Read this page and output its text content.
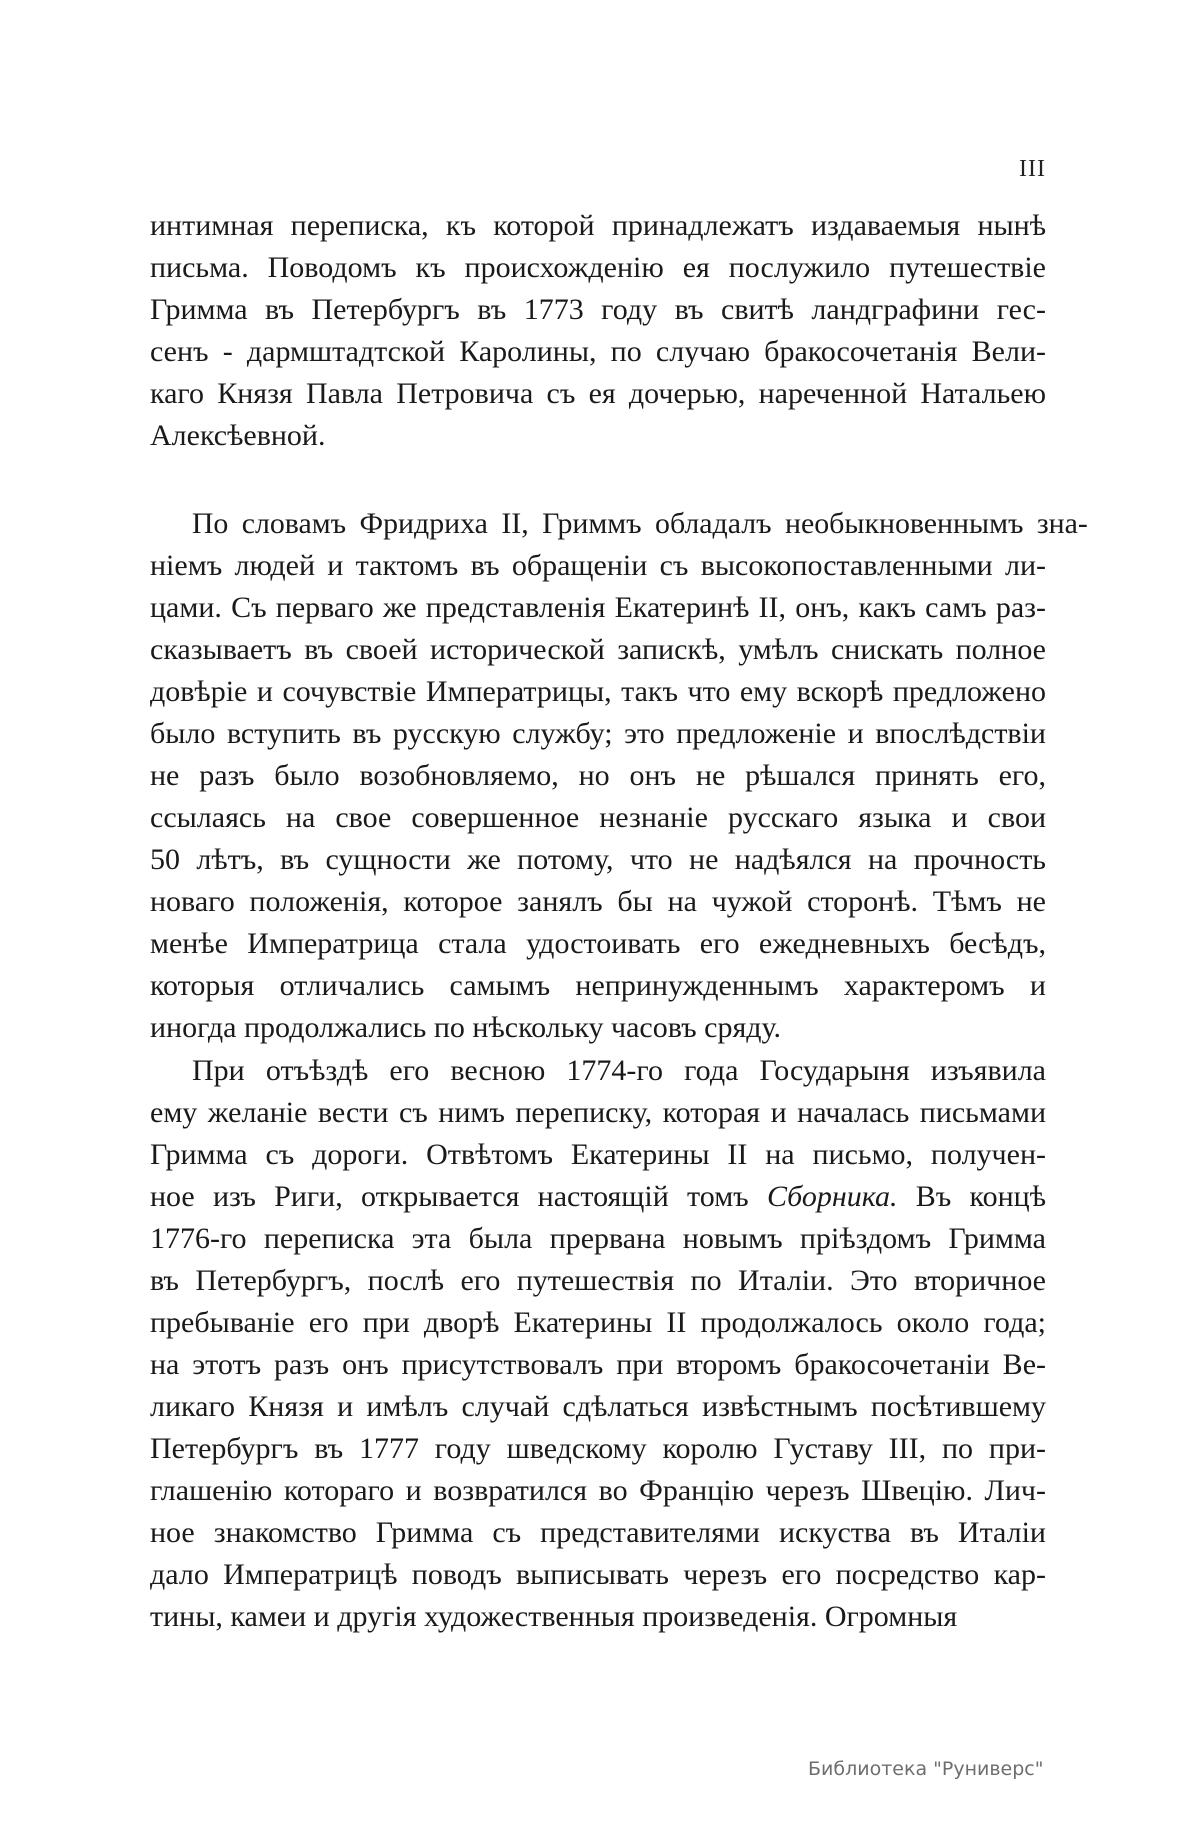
III
интимная переписка, къ которой принадлежатъ издаваемыя нынѣ
письма. Поводомъ къ происхожденію ея послужило путешествіе
Гримма въ Петербургъ въ 1773 году въ свитѣ ландграфини гес-
сенъ - дармштадтской Каролины, по случаю бракосочетанія Вели-
каго Князя Павла Петровича съ ея дочерью, нареченной Натальею
Алексѣевной.
По словамъ Фридриха II, Гриммъ обладалъ необыкновеннымъ зна-
ніемъ людей и тактомъ въ обращеніи съ высокопоставленными ли-
цами. Съ перваго же представленія Екатеринѣ II, онъ, какъ самъ раз-
сказываетъ въ своей исторической запискѣ, умѣлъ снискать полное
довѣріе и сочувствіе Императрицы, такъ что ему вскорѣ предложено
было вступить въ русскую службу; это предложеніе и впослѣдствіи
не разъ было возобновляемо, но онъ не рѣшался принять его,
ссылаясь на свое совершенное незнаніе русскаго языка и свои
50 лѣтъ, въ сущности же потому, что не надѣялся на прочность
новаго положенія, которое занялъ бы на чужой сторонѣ. Тѣмъ не
менѣе Императрица стала удостоивать его ежедневныхъ бесѣдъ,
которыя отличались самымъ непринужденнымъ характеромъ и
иногда продолжались по нѣскольку часовъ сряду.
При отъѣздѣ его весною 1774-го года Государыня изъявила
ему желаніе вести съ нимъ переписку, которая и началась письмами
Гримма съ дороги. Отвѣтомъ Екатерины II на письмо, получен-
ное изъ Риги, открывается настоящій томъ Сборника. Въ концѣ
1776-го переписка эта была прервана новымъ пріѣздомъ Гримма
въ Петербургъ, послѣ его путешествія по Италіи. Это вторичное
пребываніе его при дворѣ Екатерины II продолжалось около года;
на этотъ разъ онъ присутствовалъ при второмъ бракосочетаніи Ве-
ликаго Князя и имѣлъ случай сдѣлаться извѣстнымъ посѣтившему
Петербургъ въ 1777 году шведскому королю Густаву III, по при-
глашенію котораго и возвратился во Францію черезъ Швецію. Лич-
ное знакомство Гримма съ представителями искуства въ Италіи
дало Императрицѣ поводъ выписывать черезъ его посредство кар-
тины, камеи и другія художественныя произведенія. Огромныя
Библиотека "Руниверс"
